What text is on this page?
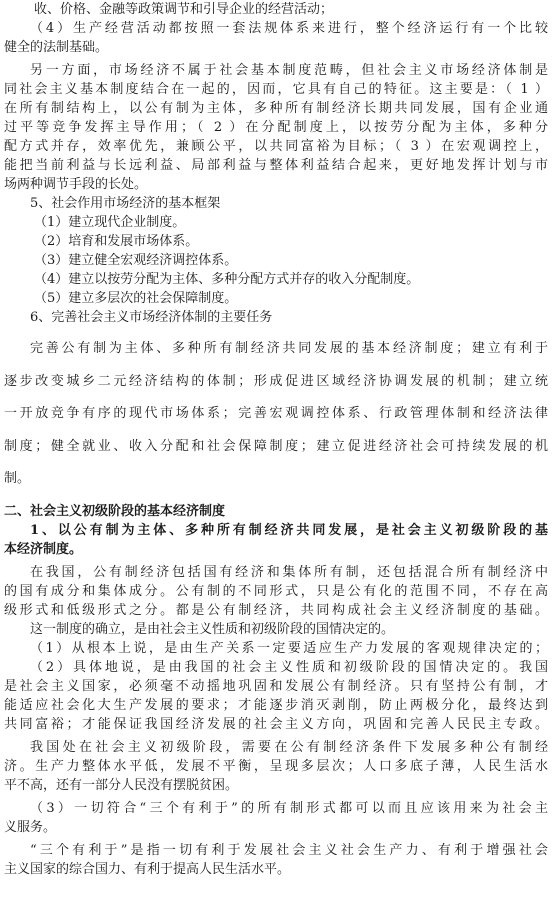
收、价格、金融等政策调节和引导企业的经营活动；

（4）生产经营活动都按照一套法规体系来进行，整个经济运行有一个比较

健全的法制基础。

另一方面，市场经济不属于社会基本制度范畴，但社会主义市场经济体制是

同社会主义基本制度结合在一起的，因而，它具有自己的特征。这主要是：（ 1 ）

在所有制结构上，以公有制为主体，多种所有制经济长期共同发展，国有企业通

过平等竞争发挥主导作用；（ 2 ）在分配制度上，以按劳分配为主体，多种分

配方式并存，效率优先，兼顾公平，以共同富裕为目标；（ 3 ）在宏观调控上，

能把当前利益与长远利益、局部利益与整体利益结合起来，更好地发挥计划与市

场两种调节手段的长处。

5、社会作用市场经济的基本框架

（1）建立现代企业制度。

（2）培育和发展市场体系。

（3）建立健全宏观经济调控体系。

（4）建立以按劳分配为主体、多种分配方式并存的收入分配制度。

（5）建立多层次的社会保障制度。

6、完善社会主义市场经济体制的主要任务

完善公有制为主体、多种所有制经济共同发展的基本经济制度；建立有利于

逐步改变城乡二元经济结构的体制；形成促进区域经济协调发展的机制；建立统

一开放竞争有序的现代市场体系；完善宏观调控体系、行政管理体制和经济法律

制度；健全就业、收入分配和社会保障制度；建立促进经济社会可持续发展的机

制。

二、社会主义初级阶段的基本经济制度

1、以公有制为主体、多种所有制经济共同发展，是社会主义初级阶段的基

本经济制度。

在我国，公有制经济包括国有经济和集体所有制，还包括混合所有制经济中

的国有成分和集体成分。公有制的不同形式，只是公有化的范围不同，不存在高

级形式和低级形式之分。都是公有制经济，共同构成社会主义经济制度的基础。

这一制度的确立，是由社会主义性质和初级阶段的国情决定的。

（1）从根本上说，是由生产关系一定要适应生产力发展的客观规律决定的；

（2）具体地说，是由我国的社会主义性质和初级阶段的国情决定的。我国

是社会主义国家，必须毫不动摇地巩固和发展公有制经济。只有坚持公有制，才

能适应社会化大生产发展的要求；才能逐步消灭剥削，防止两极分化，最终达到

共同富裕；才能保证我国经济发展的社会主义方向，巩固和完善人民民主专政。

我国处在社会主义初级阶段，需要在公有制经济条件下发展多种公有制经

济。生产力整体水平低，发展不平衡，呈现多层次；人口多底子薄，人民生活水

平不高，还有一部分人民没有摆脱贫困。

（3）一切符合“三个有利于”的所有制形式都可以而且应该用来为社会主

义服务。

“三个有利于”是指一切有利于发展社会主义社会生产力、有利于增强社会

主义国家的综合国力、有利于提高人民生活水平。
